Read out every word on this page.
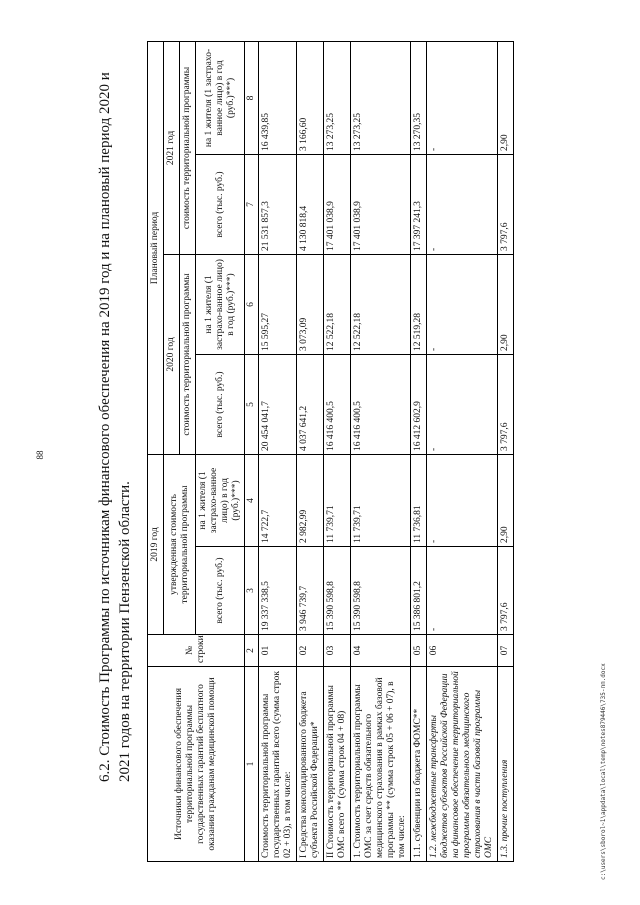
88	6.2. Стоимость Программы по источникам финансового обеспечения на 2019 год и на плановый период 2020 и 2021 годов на территории Пензенской области.	Источники финансового обеспечения территориальной программы государственных гарантий бесплатного оказания гражданам медицинской помощи	№ строки	2019 год		Плановый период			
		утвержденная стоимость территориальной программы		2020 год		2021 год	
				стоимость территориальной программы		стоимость территориальной программы	
		всего (тыс. руб.)	на 1 жителя (1 застрахо-ванное лицо) в год (руб.)***)	всего (тыс. руб.)	на 1 жителя (1 застрахо-ванное лицо) в год (руб.)***)	всего (тыс. руб.)	на 1 жителя (1 застрахо-ванное лицо) в год (руб.)***)
1	2	3	4	5	6	7	8
Стоимость территориальной программы государственных гарантий всего (сумма строк 02 + 03), в том числе:	01	19 337 338,5	14 722,7	20 454 041,7	15 595,27	21 531 857,3	16 439,85
I Средства консолидированного бюджета субъекта Российской Федерации*	02	3 946 739,7	2 982,99	4 037 641,2	3 073,09	4 130 818,4	3 166,60
II Стоимость территориальной программы ОМС всего ** (сумма строк 04 + 08)	03	15 390 598,8	11 739,71	16 416 400,5	12 522,18	17 401 038,9	13 273,25
1. Стоимость территориальной программы ОМС за счет средств обязательного медицинского страхования в рамках базовой программы ** (сумма строк 05 + 06 + 07), в том числе:	04	15 390 598,8	11 739,71	16 416 400,5	12 522,18	17 401 038,9	13 273,25
1.1. субвенции из бюджета ФОМС**	05	15 386 801,2	11 736,81	16 412 602,9	12 519,28	17 397 241,3	13 270,35
1.2. межбюджетные трансферты бюджетов субъектов Российской Федерации на финансовое обеспечение территориальной программы обязательного медицинского страхования в части базовой программы ОМС	06	-	-	-	-	-	-
1.3. прочие поступления	07	3 797,6	2,90	3 797,6	2,90	3 797,6	2,90
c:\users\sborol~1\appdata\local\temp\notes879446\735-пп.docx
